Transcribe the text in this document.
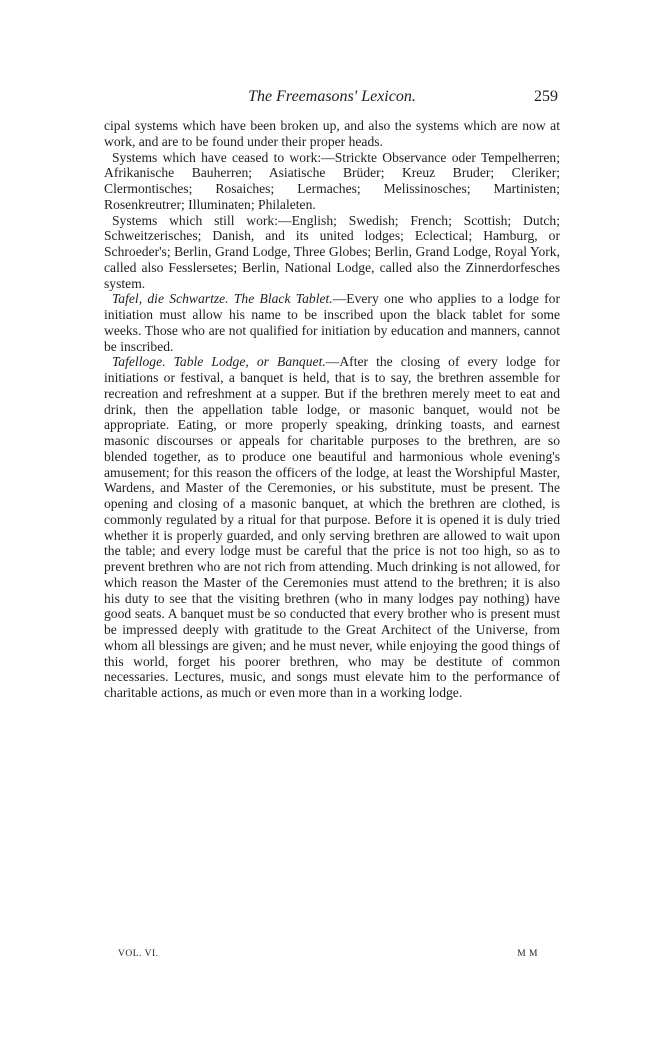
The Freemasons' Lexicon.	259

cipal systems which have been broken up, and also the systems which are now at work, and are to be found under their proper heads.

Systems which have ceased to work:—Strickte Observance oder Tempelherren; Afrikanische Bauherren; Asiatische Brüder; Kreuz Bruder; Cleriker; Clermontisches; Rosaiches; Lermaches; Melissinosches; Martinisten; Rosenkreutrer; Illuminaten; Philaleten.

Systems which still work:—English; Swedish; French; Scottish; Dutch; Schweitzerisches; Danish, and its united lodges; Eclectical; Hamburg, or Schroeder's; Berlin, Grand Lodge, Three Globes; Berlin, Grand Lodge, Royal York, called also Fesslersetes; Berlin, National Lodge, called also the Zinnerdorfesches system.

Tafel, die Schwartze. The Black Tablet.—Every one who applies to a lodge for initiation must allow his name to be inscribed upon the black tablet for some weeks. Those who are not qualified for initiation by education and manners, cannot be inscribed.

Tafelloge. Table Lodge, or Banquet.—After the closing of every lodge for initiations or festival, a banquet is held, that is to say, the brethren assemble for recreation and refreshment at a supper. But if the brethren merely meet to eat and drink, then the appellation table lodge, or masonic banquet, would not be appropriate. Eating, or more properly speaking, drinking toasts, and earnest masonic discourses or appeals for charitable purposes to the brethren, are so blended together, as to produce one beautiful and harmonious whole evening's amusement; for this reason the officers of the lodge, at least the Worshipful Master, Wardens, and Master of the Ceremonies, or his substitute, must be present. The opening and closing of a masonic banquet, at which the brethren are clothed, is commonly regulated by a ritual for that purpose. Before it is opened it is duly tried whether it is properly guarded, and only serving brethren are allowed to wait upon the table; and every lodge must be careful that the price is not too high, so as to prevent brethren who are not rich from attending. Much drinking is not allowed, for which reason the Master of the Ceremonies must attend to the brethren; it is also his duty to see that the visiting brethren (who in many lodges pay nothing) have good seats. A banquet must be so conducted that every brother who is present must be impressed deeply with gratitude to the Great Architect of the Universe, from whom all blessings are given; and he must never, while enjoying the good things of this world, forget his poorer brethren, who may be destitute of common necessaries. Lectures, music, and songs must elevate him to the performance of charitable actions, as much or even more than in a working lodge.

VOL. VI.	M M
